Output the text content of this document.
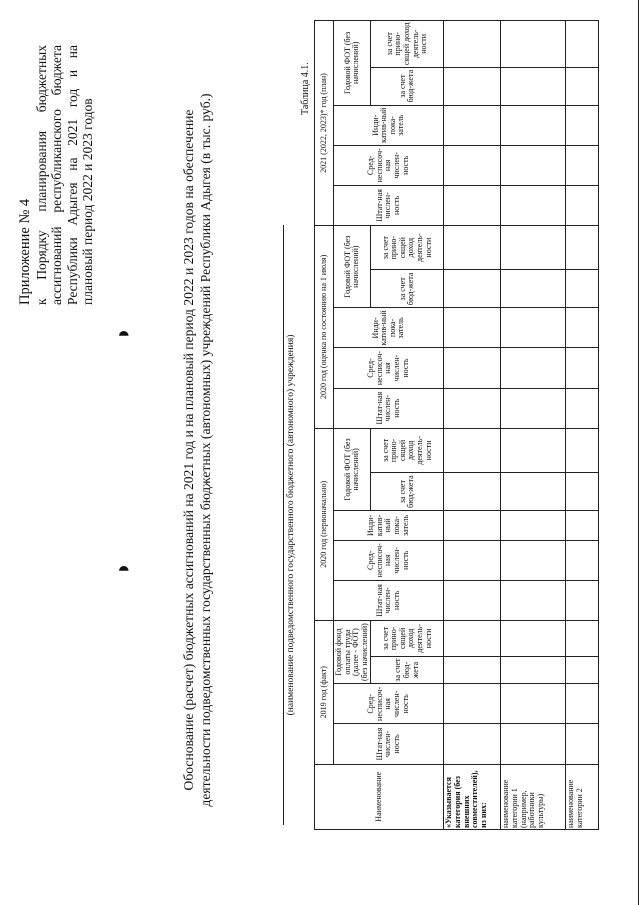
◗
◗
Приложение № 4 к Порядку планирования бюджетных ассигнований республиканского бюджета Республики Адыгея на 2021 год и на плановый период 2022 и 2023 годов	Обоснование (расчет) бюджетных ассигнований на 2021 год и на плановый период 2022 и 2023 годов на обеспечение деятельности подведомственных государственных бюджетных (автономных) учреждений Республики Адыгея (в тыс. руб.)	(наименование подведомственного государственного бюджетного (автономного) учреждения)
Таблица 4.1.
Наименование	2019 год (факт)				2020 год (первоначально)					2020 год (оценка по состоянию на 1 июля)					2021 (2022, 2023)* год (план)				
	Штат-ная числен-ность	Сред-несписоч-ная числен-ность	Годовой фонд оплаты труда (далее - ФОТ) (без начислений)		Штат-ная числен-ность	Сред-несписоч-ная числен-ность	Инди-катив-ный пока-затель	Годовой ФОТ (без начислений)		Штат-ная числен-ность	Сред-несписоч-ная числен-ность	Инди-катив-ный пока-затель	Годовой ФОТ (без начислений)		Штат-ная числен-ность	Сред-несписоч-ная числен-ность	Инди-катив-ный пока-затель	Годовой ФОТ (без начислений)	
			за счет бюд-жета	за счет прино-сящей доход деятель-ности				за счет бюд-жета	за счет прино-сящей доход деятель-ности				за счет бюд-жета	за счет прино-сящей доход деятель-ности				за счет бюд-жета	за счет прино-сящей доход деятель-ности
«Указывается категория (без внешних совместителей), из них:																			
наименование категории 1 (например, работники культуры)																			
наименование категории 2																			
